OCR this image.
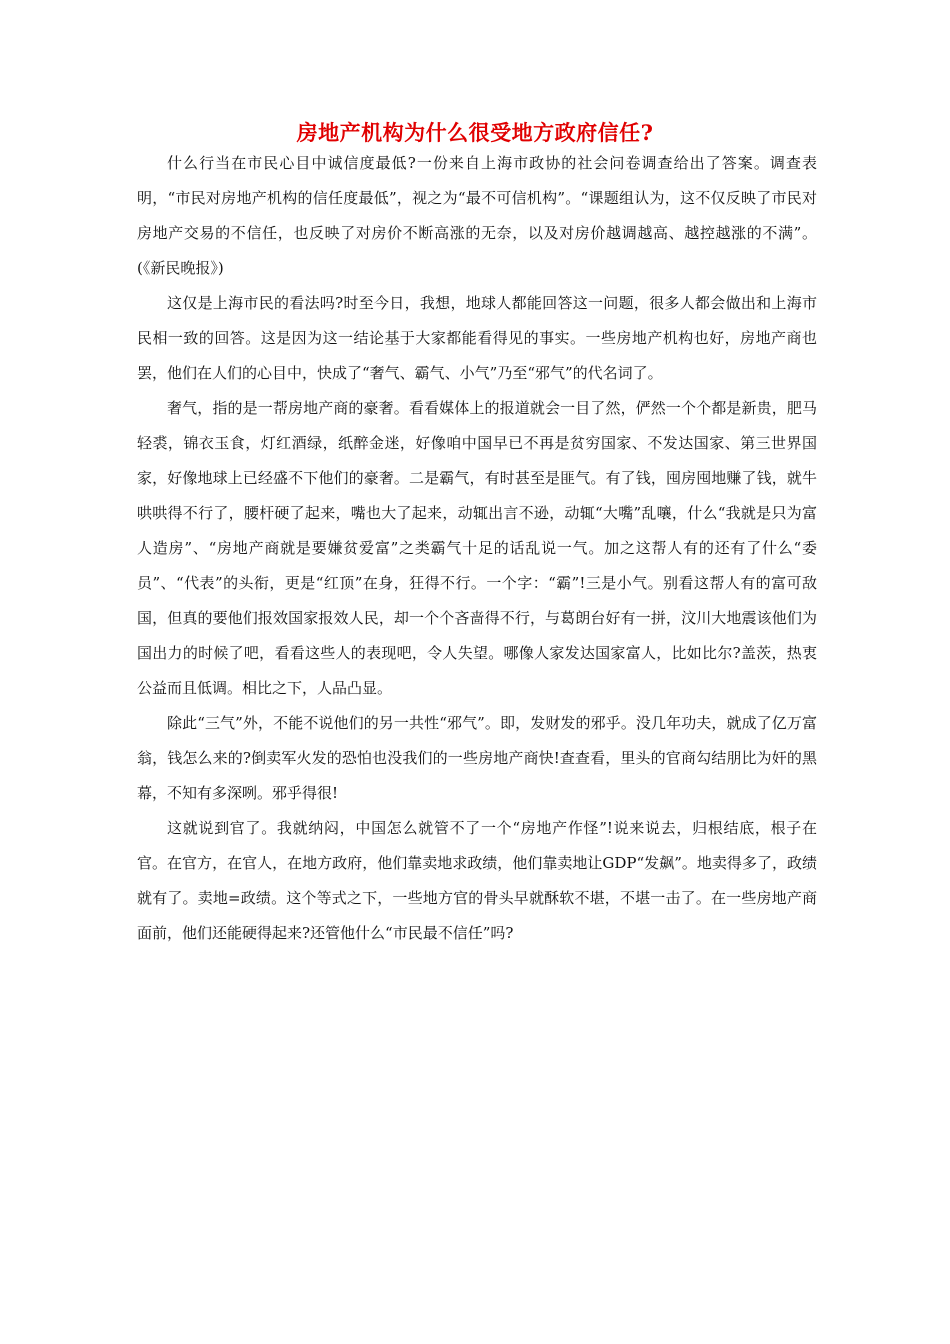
房地产机构为什么很受地方政府信任?

什么行当在市民心目中诚信度最低?一份来自上海市政协的社会问卷调查给出了答案。调查表明，“市民对房地产机构的信任度最低”，视之为“最不可信机构”。“课题组认为，这不仅反映了市民对房地产交易的不信任，也反映了对房价不断高涨的无奈，以及对房价越调越高、越控越涨的不满”。(《新民晚报》)

这仅是上海市民的看法吗?时至今日，我想，地球人都能回答这一问题，很多人都会做出和上海市民相一致的回答。这是因为这一结论基于大家都能看得见的事实。一些房地产机构也好，房地产商也罢，他们在人们的心目中，快成了“奢气、霸气、小气”乃至“邪气”的代名词了。

奢气，指的是一帮房地产商的豪奢。看看媒体上的报道就会一目了然，俨然一个个都是新贵，肥马轻裘，锦衣玉食，灯红酒绿，纸醉金迷，好像咱中国早已不再是贫穷国家、不发达国家、第三世界国家，好像地球上已经盛不下他们的豪奢。二是霸气，有时甚至是匪气。有了钱，囤房囤地赚了钱，就牛哄哄得不行了，腰杆硬了起来，嘴也大了起来，动辄出言不逊，动辄“大嘴”乱嚷，什么“我就是只为富人造房”、“房地产商就是要嫌贫爱富”之类霸气十足的话乱说一气。加之这帮人有的还有了什么“委员”、“代表”的头衔，更是“红顶”在身，狂得不行。一个字：“霸”!三是小气。别看这帮人有的富可敌国，但真的要他们报效国家报效人民，却一个个吝啬得不行，与葛朗台好有一拼，汶川大地震该他们为国出力的时候了吧，看看这些人的表现吧，令人失望。哪像人家发达国家富人，比如比尔?盖茨，热衷公益而且低调。相比之下，人品凸显。

除此“三气”外，不能不说他们的另一共性“邪气”。即，发财发的邪乎。没几年功夫，就成了亿万富翁，钱怎么来的?倒卖军火发的恐怕也没我们的一些房地产商快!查查看，里头的官商勾结朋比为奸的黑幕，不知有多深咧。邪乎得很!

这就说到官了。我就纳闷，中国怎么就管不了一个“房地产作怪”!说来说去，归根结底，根子在官。在官方，在官人，在地方政府，他们靠卖地求政绩，他们靠卖地让GDP“发飙”。地卖得多了，政绩就有了。卖地=政绩。这个等式之下，一些地方官的骨头早就酥软不堪，不堪一击了。在一些房地产商面前，他们还能硬得起来?还管他什么“市民最不信任”吗?
